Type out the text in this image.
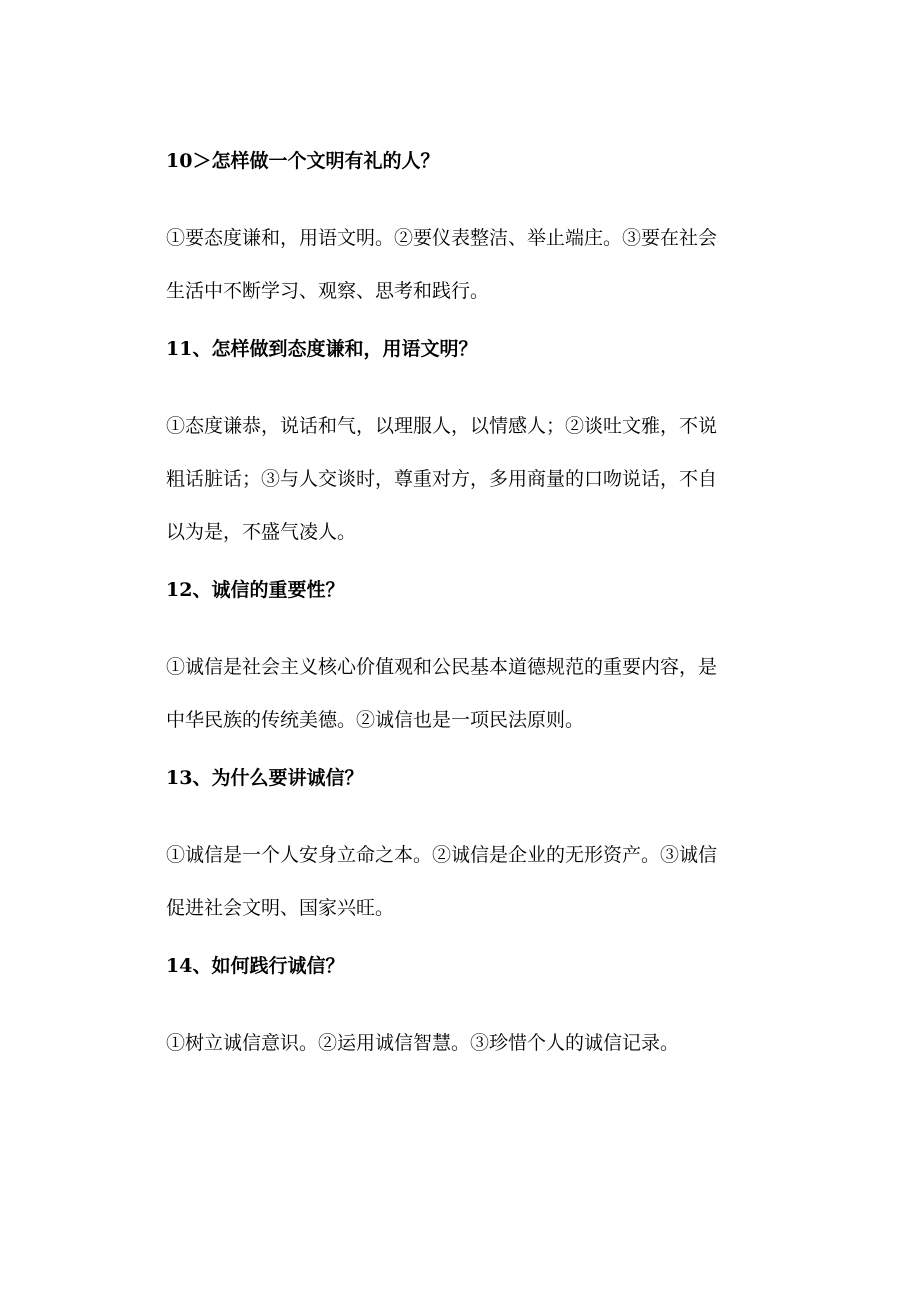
10＞怎样做一个文明有礼的人？

①要态度谦和，用语文明。②要仪表整洁、举止端庄。③要在社会
生活中不断学习、观察、思考和践行。

11、怎样做到态度谦和，用语文明？

①态度谦恭，说话和气，以理服人，以情感人；②谈吐文雅，不说
粗话脏话；③与人交谈时，尊重对方，多用商量的口吻说话，不自
以为是，不盛气凌人。

12、诚信的重要性？

①诚信是社会主义核心价值观和公民基本道德规范的重要内容，是
中华民族的传统美德。②诚信也是一项民法原则。

13、为什么要讲诚信？

①诚信是一个人安身立命之本。②诚信是企业的无形资产。③诚信
促进社会文明、国家兴旺。

14、如何践行诚信？

①树立诚信意识。②运用诚信智慧。③珍惜个人的诚信记录。
